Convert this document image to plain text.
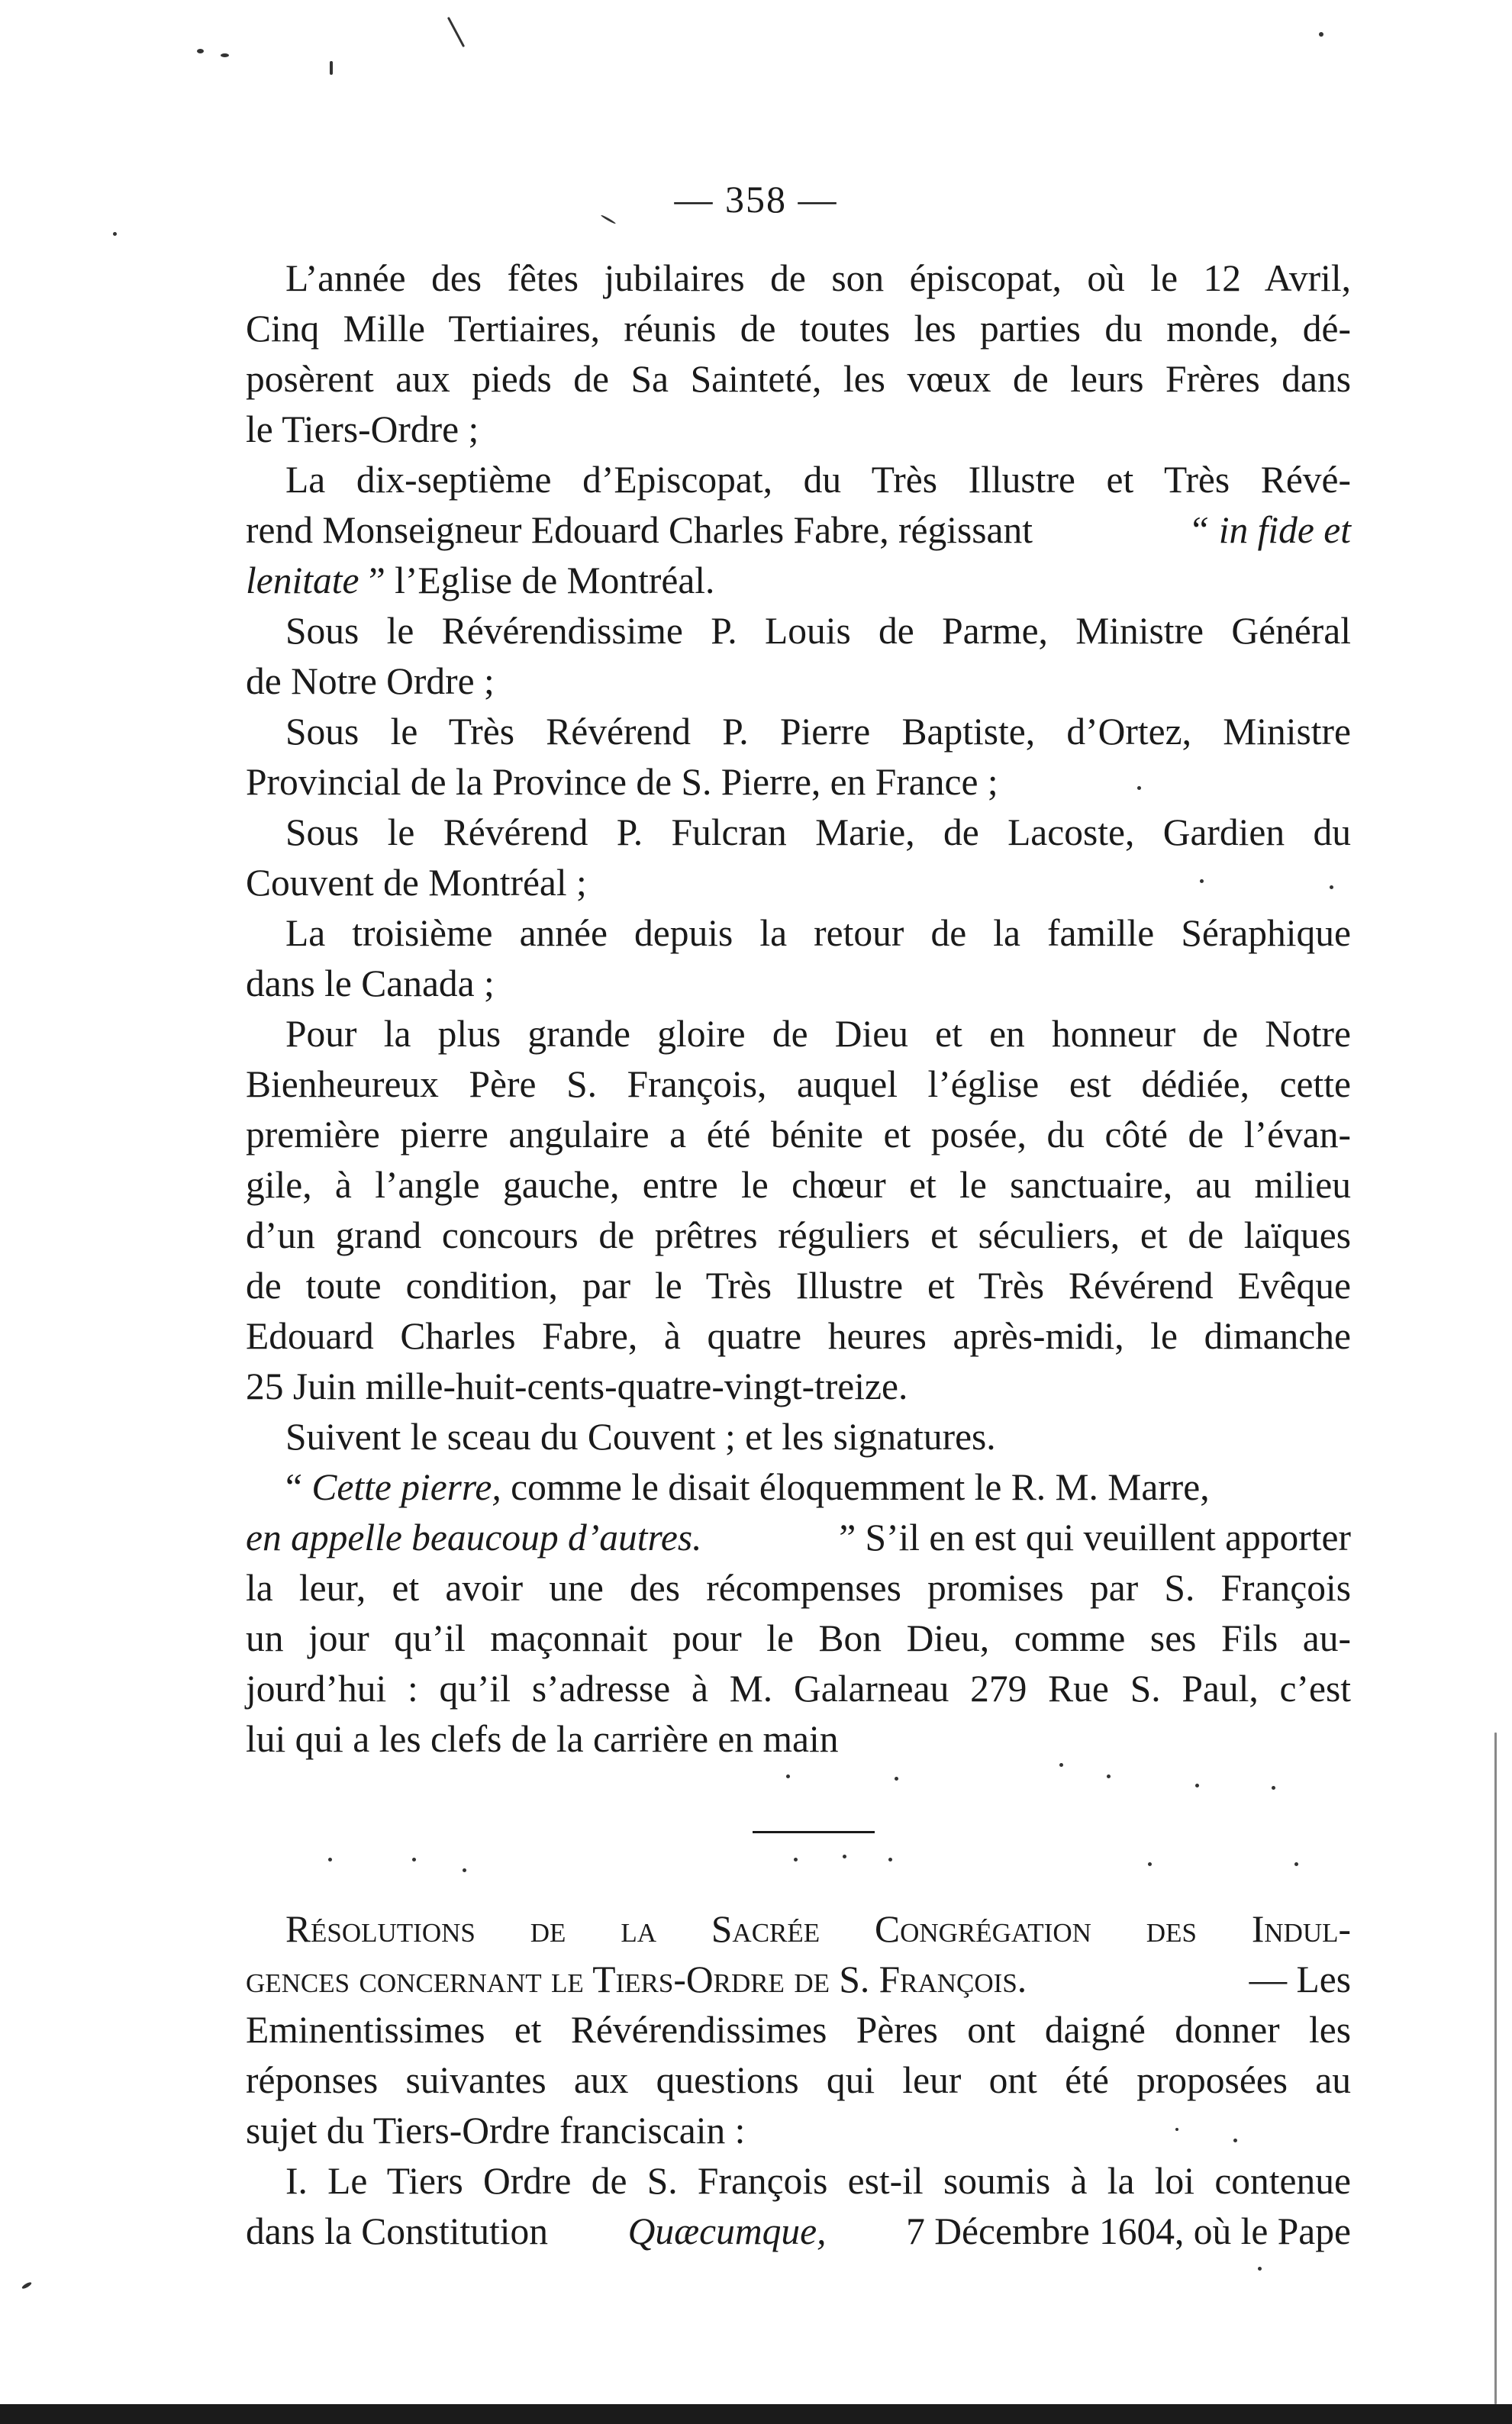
— 358 —
L’année des fêtes jubilaires de son épiscopat, où le 12 Avril,
Cinq Mille Tertiaires, réunis de toutes les parties du monde, dé-
posèrent aux pieds de Sa Sainteté, les vœux de leurs Frères dans
le Tiers-Ordre ;
La dix-septième d’Episcopat, du Très Illustre et Très Révé-
rend Monseigneur Edouard Charles Fabre, régissant	“ in fide et
lenitate ” l’Eglise de Montréal.
Sous le Révérendissime P. Louis de Parme, Ministre Général
de Notre Ordre ;
Sous le Très Révérend P. Pierre Baptiste, d’Ortez, Ministre
Provincial de la Province de S. Pierre, en France ;
Sous le Révérend P. Fulcran Marie, de Lacoste, Gardien du
Couvent de Montréal ;
La troisième année depuis la retour de la famille Séraphique
dans le Canada ;
Pour la plus grande gloire de Dieu et en honneur de Notre
Bienheureux Père S. François, auquel l’église est dédiée, cette
première pierre angulaire a été bénite et posée, du côté de l’évan-
gile, à l’angle gauche, entre le chœur et le sanctuaire, au milieu
d’un grand concours de prêtres réguliers et séculiers, et de laïques
de toute condition, par le Très Illustre et Très Révérend Evêque
Edouard Charles Fabre, à quatre heures après-midi, le dimanche
25 Juin mille-huit-cents-quatre-vingt-treize.
Suivent le sceau du Couvent ; et les signatures.
“ Cette pierre, comme le disait éloquemment le R. M. Marre,
en appelle beaucoup d’autres.	” S’il en est qui veuillent apporter
la leur, et avoir une des récompenses promises par S. François
un jour qu’il maçonnait pour le Bon Dieu, comme ses Fils au-
jourd’hui : qu’il s’adresse à M. Galarneau 279 Rue S. Paul, c’est
lui qui a les clefs de la carrière en main
Résolutions de la Sacrée Congrégation des Indul-
gences concernant le Tiers-Ordre de S. François.	— Les
Eminentissimes et Révérendissimes Pères ont daigné donner les
réponses suivantes aux questions qui leur ont été proposées au
sujet du Tiers-Ordre franciscain :
I. Le Tiers Ordre de S. François est-il soumis à la loi contenue
dans la Constitution Quæcumque, 7 Décembre 1604, où le Pape
